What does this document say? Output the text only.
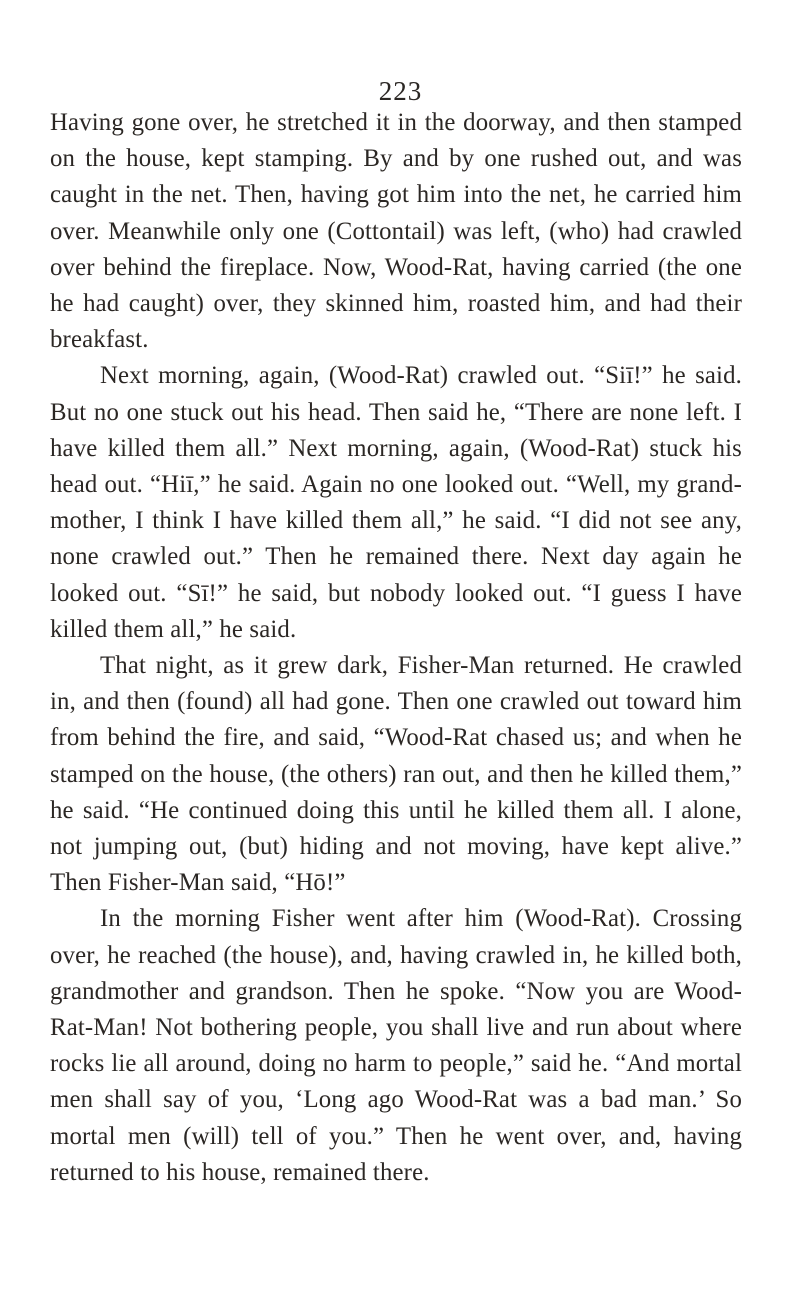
223

Having gone over, he stretched it in the doorway, and then stamped on the house, kept stamping. By and by one rushed out, and was caught in the net. Then, having got him into the net, he carried him over. Meanwhile only one (Cottontail) was left, (who) had crawled over behind the fireplace. Now, Wood-Rat, having carried (the one he had caught) over, they skinned him, roasted him, and had their breakfast.

Next morning, again, (Wood-Rat) crawled out. “Siī!” he said. But no one stuck out his head. Then said he, “There are none left. I have killed them all.” Next morning, again, (Wood-Rat) stuck his head out. “Hiī,” he said. Again no one looked out. “Well, my grand-mother, I think I have killed them all,” he said. “I did not see any, none crawled out.” Then he remained there. Next day again he looked out. “Sī!” he said, but nobody looked out. “I guess I have killed them all,” he said.

That night, as it grew dark, Fisher-Man returned. He crawled in, and then (found) all had gone. Then one crawled out toward him from behind the fire, and said, “Wood-Rat chased us; and when he stamped on the house, (the others) ran out, and then he killed them,” he said. “He continued doing this until he killed them all. I alone, not jumping out, (but) hiding and not moving, have kept alive.” Then Fisher-Man said, “Hō!”

In the morning Fisher went after him (Wood-Rat). Crossing over, he reached (the house), and, having crawled in, he killed both, grandmother and grandson. Then he spoke. “Now you are Wood-Rat-Man! Not bothering people, you shall live and run about where rocks lie all around, doing no harm to people,” said he. “And mortal men shall say of you, ‘Long ago Wood-Rat was a bad man.’ So mortal men (will) tell of you.” Then he went over, and, having returned to his house, remained there.
